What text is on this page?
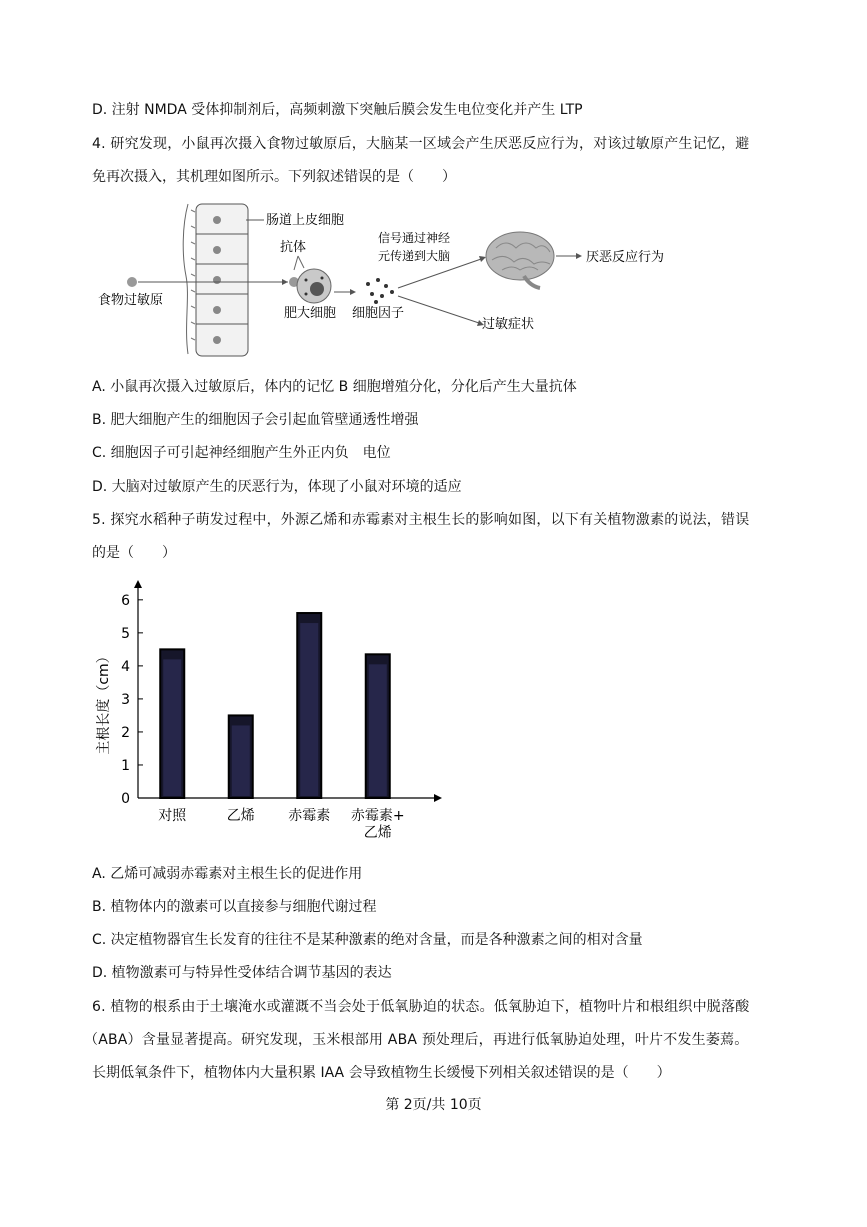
D. 注射 NMDA 受体抑制剂后，高频刺激下突触后膜会发生电位变化并产生 LTP
4. 研究发现，小鼠再次摄入食物过敏原后，大脑某一区域会产生厌恶反应行为，对该过敏原产生记忆，避
免再次摄入，其机理如图所示。下列叙述错误的是（　　）
肠道上皮细胞
食物过敏原
抗体
肥大细胞 细胞因子
信号通过神经
元传递到大脑	厌恶反应行为
过敏症状
A. 小鼠再次摄入过敏原后，体内的记忆 B 细胞增殖分化，分化后产生大量抗体
B. 肥大细胞产生的细胞因子会引起血管壁通透性增强
C. 细胞因子可引起神经细胞产生外正内负　电位
D. 大脑对过敏原产生的厌恶行为，体现了小鼠对环境的适应
5. 探究水稻种子萌发过程中，外源乙烯和赤霉素对主根生长的影响如图，以下有关植物激素的说法，错误
的是（　　）
0
1
2
3
4
5
6
对照	乙烯 赤霉素 赤霉素+
乙烯
主根长度（cm）
A. 乙烯可减弱赤霉素对主根生长的促进作用
B. 植物体内的激素可以直接参与细胞代谢过程
C. 决定植物器官生长发育的往往不是某种激素的绝对含量，而是各种激素之间的相对含量
D. 植物激素可与特异性受体结合调节基因的表达
6. 植物的根系由于土壤淹水或灌溉不当会处于低氧胁迫的状态。低氧胁迫下，植物叶片和根组织中脱落酸
（ABA）含量显著提高。研究发现，玉米根部用 ABA 预处理后，再进行低氧胁迫处理，叶片不发生萎蔫。
长期低氧条件下，植物体内大量积累 IAA 会导致植物生长缓慢下列相关叙述错误的是（　　）
第 2页/共 10页
